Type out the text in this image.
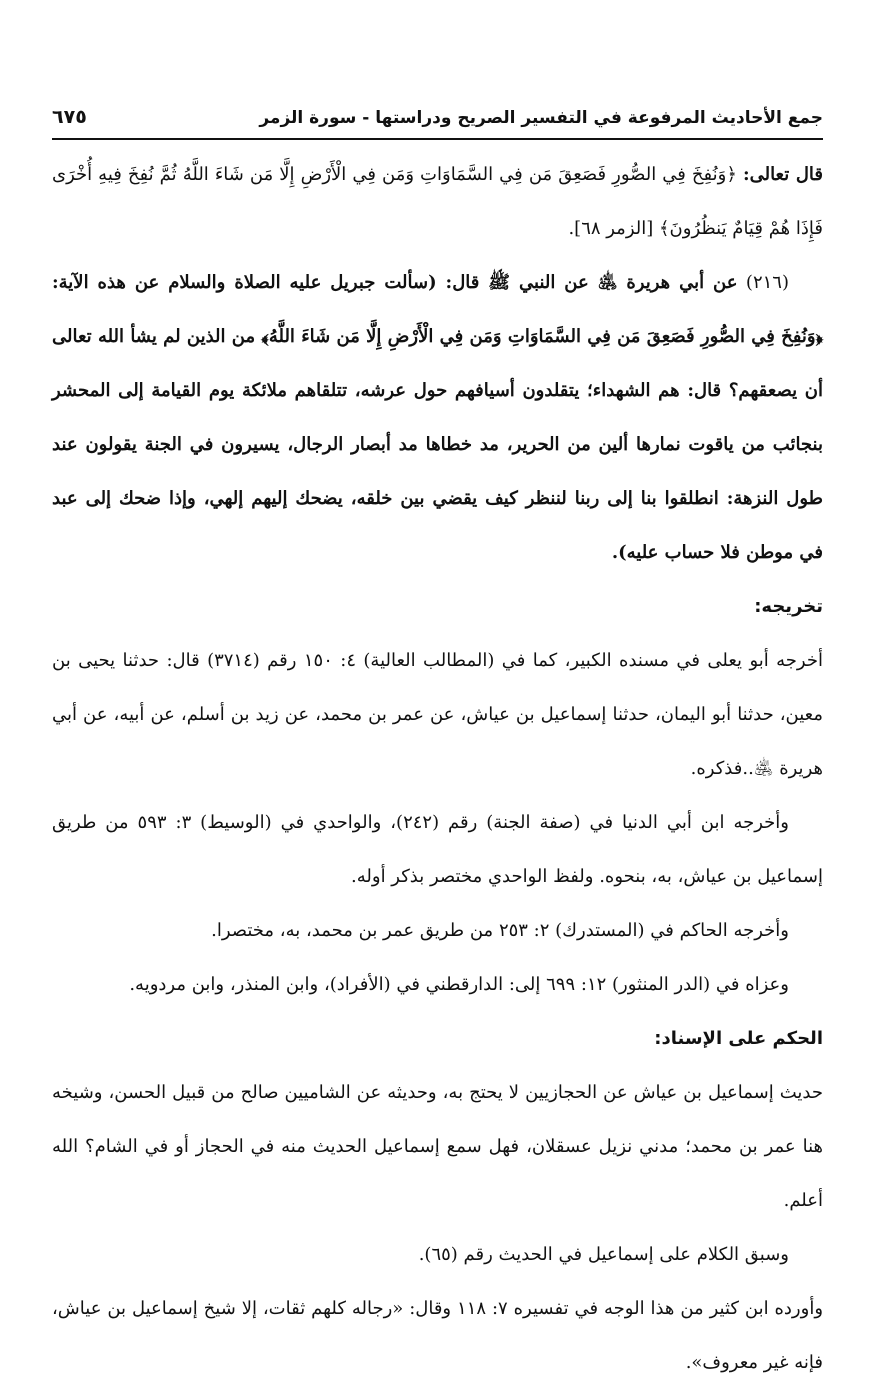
جمع الأحاديث المرفوعة في التفسير الصريح ودراستها - سورة الزمر
٦٧٥

قال تعالى: ﴿وَنُفِخَ فِي الصُّورِ فَصَعِقَ مَن فِي السَّمَاوَاتِ وَمَن فِي الْأَرْضِ إِلَّا مَن شَاءَ اللَّهُ ثُمَّ نُفِخَ فِيهِ أُخْرَى فَإِذَا هُمْ قِيَامٌ يَنظُرُونَ﴾ [الزمر ٦٨].

(٢١٦) عن أبي هريرة ﵁ عن النبي ﷺ قال: (سألت جبريل عليه الصلاة والسلام عن هذه الآية: ﴿وَنُفِخَ فِي الصُّورِ فَصَعِقَ مَن فِي السَّمَاوَاتِ وَمَن فِي الْأَرْضِ إِلَّا مَن شَاءَ اللَّهُ﴾ من الذين لم يشأ الله تعالى أن يصعقهم؟ قال: هم الشهداء؛ يتقلدون أسيافهم حول عرشه، تتلقاهم ملائكة يوم القيامة إلى المحشر بنجائب من ياقوت نمارها ألين من الحرير، مد خطاها مد أبصار الرجال، يسيرون في الجنة يقولون عند طول النزهة: انطلقوا بنا إلى ربنا لننظر كيف يقضي بين خلقه، يضحك إليهم إلهي، وإذا ضحك إلى عبد في موطن فلا حساب عليه).

تخريجه:

أخرجه أبو يعلى في مسنده الكبير، كما في (المطالب العالية) ٤: ١٥٠ رقم (٣٧١٤) قال: حدثنا يحيى بن معين، حدثنا أبو اليمان، حدثنا إسماعيل بن عياش، عن عمر بن محمد، عن زيد بن أسلم، عن أبيه، عن أبي هريرة ﵁..فذكره.

وأخرجه ابن أبي الدنيا في (صفة الجنة) رقم (٢٤٢)، والواحدي في (الوسيط) ٣: ٥٩٣ من طريق إسماعيل بن عياش، به، بنحوه. ولفظ الواحدي مختصر بذكر أوله.

وأخرجه الحاكم في (المستدرك) ٢: ٢٥٣ من طريق عمر بن محمد، به، مختصرا.

وعزاه في (الدر المنثور) ١٢: ٦٩٩ إلى: الدارقطني في (الأفراد)، وابن المنذر، وابن مردويه.

الحكم على الإسناد:

حديث إسماعيل بن عياش عن الحجازيين لا يحتج به، وحديثه عن الشاميين صالح من قبيل الحسن، وشيخه هنا عمر بن محمد؛ مدني نزيل عسقلان، فهل سمع إسماعيل الحديث منه في الحجاز أو في الشام؟ الله أعلم.

وسبق الكلام على إسماعيل في الحديث رقم (٦٥).

وأورده ابن كثير من هذا الوجه في تفسيره ٧: ١١٨ وقال: «رجاله كلهم ثقات، إلا شيخ إسماعيل بن عياش، فإنه غير معروف».
